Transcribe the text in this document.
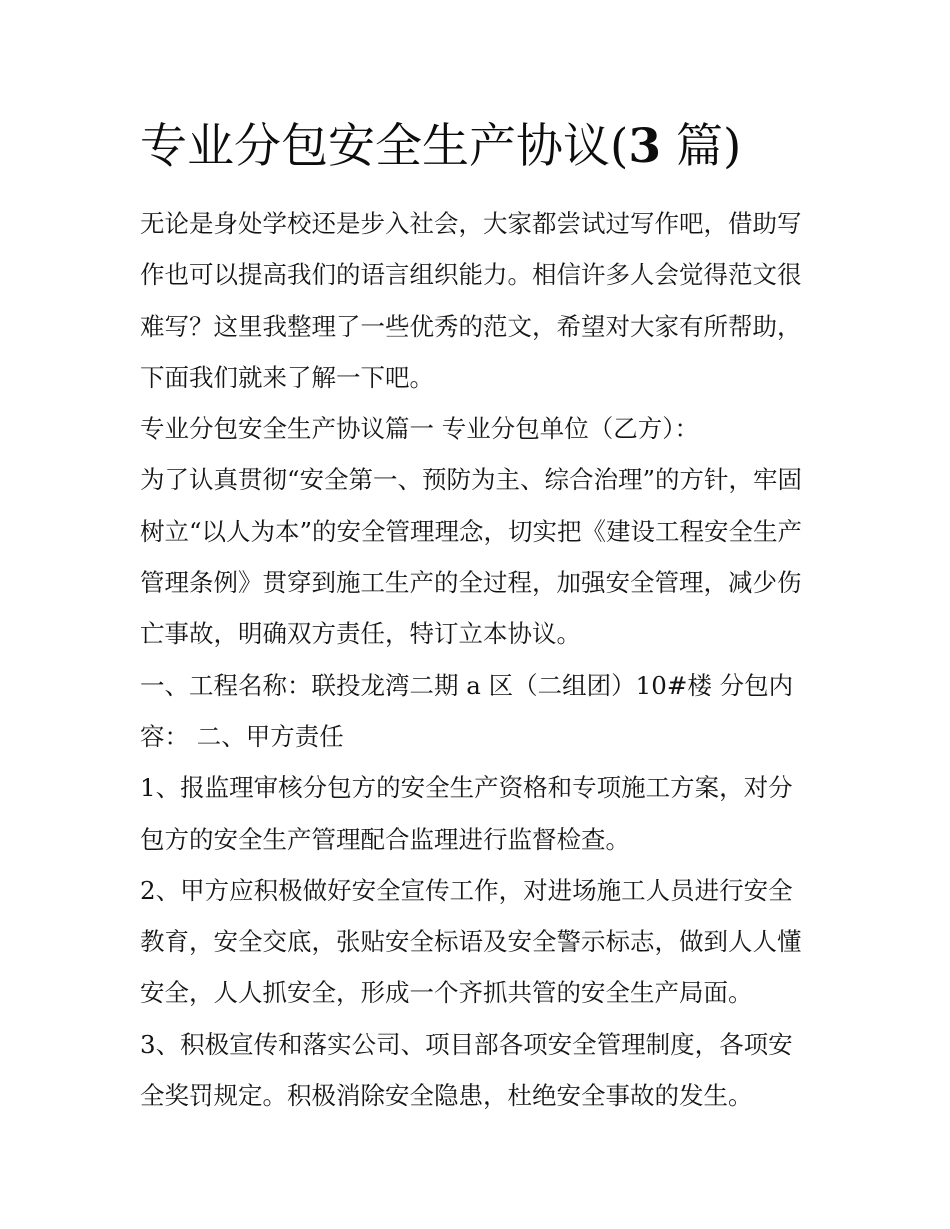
专业分包安全生产协议(3 篇)
无论是身处学校还是步入社会，大家都尝试过写作吧，借助写
作也可以提高我们的语言组织能力。相信许多人会觉得范文很
难写？这里我整理了一些优秀的范文，希望对大家有所帮助，
下面我们就来了解一下吧。
专业分包安全生产协议篇一 专业分包单位（乙方）：
为了认真贯彻“安全第一、预防为主、综合治理”的方针，牢固
树立“以人为本”的安全管理理念，切实把《建设工程安全生产
管理条例》贯穿到施工生产的全过程，加强安全管理，减少伤
亡事故，明确双方责任，特订立本协议。
一、工程名称：联投龙湾二期 a 区（二组团）10#楼 分包内
容： 二、甲方责任
1、报监理审核分包方的安全生产资格和专项施工方案，对分
包方的安全生产管理配合监理进行监督检查。
2、甲方应积极做好安全宣传工作，对进场施工人员进行安全
教育，安全交底，张贴安全标语及安全警示标志，做到人人懂
安全，人人抓安全，形成一个齐抓共管的安全生产局面。
3、积极宣传和落实公司、项目部各项安全管理制度，各项安
全奖罚规定。积极消除安全隐患，杜绝安全事故的发生。
